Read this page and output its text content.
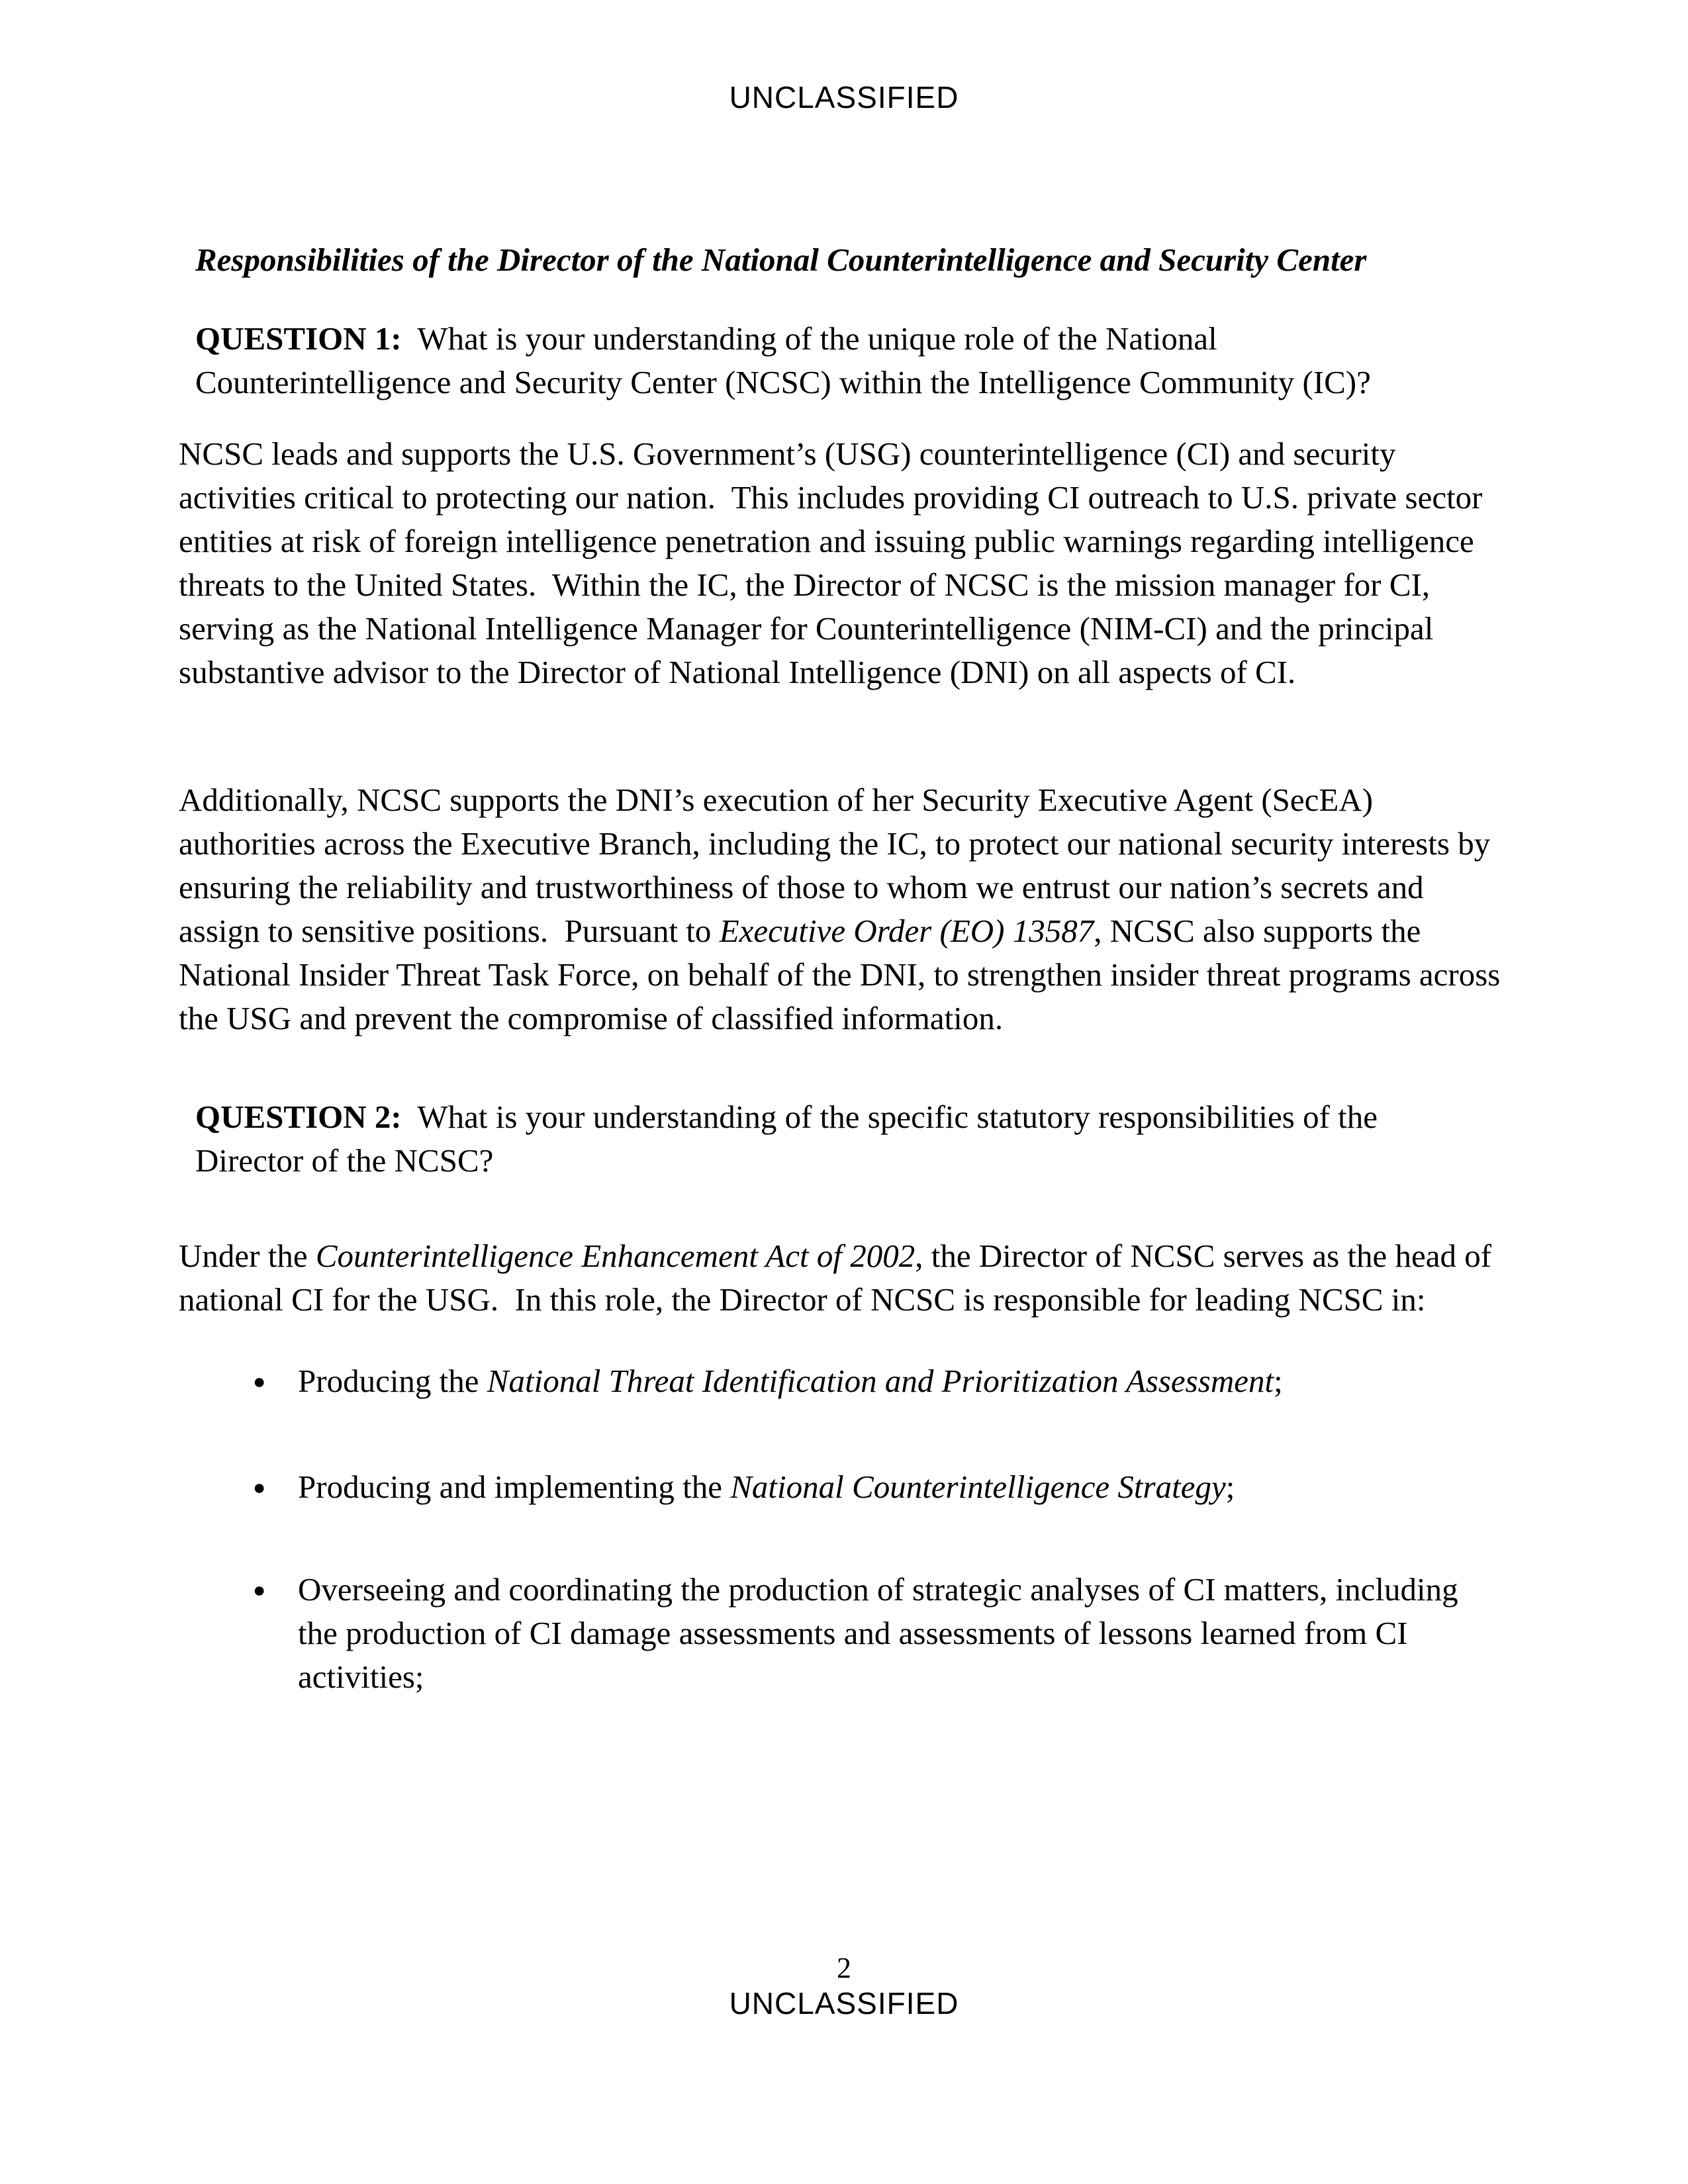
UNCLASSIFIED
Responsibilities of the Director of the National Counterintelligence and Security Center

QUESTION 1:  What is your understanding of the unique role of the National Counterintelligence and Security Center (NCSC) within the Intelligence Community (IC)?

NCSC leads and supports the U.S. Government’s (USG) counterintelligence (CI) and security activities critical to protecting our nation.  This includes providing CI outreach to U.S. private sector entities at risk of foreign intelligence penetration and issuing public warnings regarding intelligence threats to the United States.  Within the IC, the Director of NCSC is the mission manager for CI, serving as the National Intelligence Manager for Counterintelligence (NIM-CI) and the principal substantive advisor to the Director of National Intelligence (DNI) on all aspects of CI.

Additionally, NCSC supports the DNI’s execution of her Security Executive Agent (SecEA) authorities across the Executive Branch, including the IC, to protect our national security interests by ensuring the reliability and trustworthiness of those to whom we entrust our nation’s secrets and assign to sensitive positions.  Pursuant to Executive Order (EO) 13587, NCSC also supports the National Insider Threat Task Force, on behalf of the DNI, to strengthen insider threat programs across the USG and prevent the compromise of classified information.

QUESTION 2:  What is your understanding of the specific statutory responsibilities of the Director of the NCSC?

Under the Counterintelligence Enhancement Act of 2002, the Director of NCSC serves as the head of national CI for the USG.  In this role, the Director of NCSC is responsible for leading NCSC in:

● Producing the National Threat Identification and Prioritization Assessment;
● Producing and implementing the National Counterintelligence Strategy;
● Overseeing and coordinating the production of strategic analyses of CI matters, including the production of CI damage assessments and assessments of lessons learned from CI activities;
2
UNCLASSIFIED
